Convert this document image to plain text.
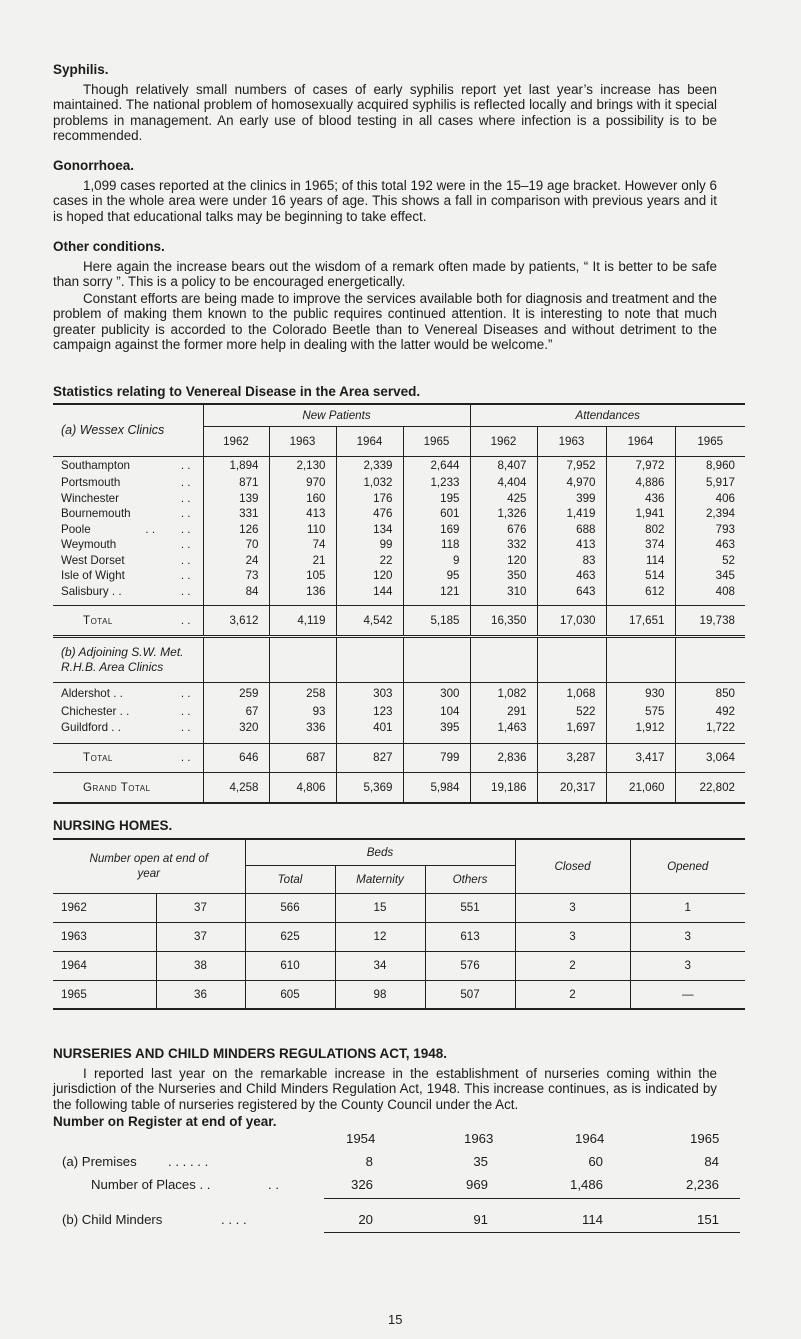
Syphilis.

Though relatively small numbers of cases of early syphilis report yet last year’s increase has been maintained. The national problem of homosexually acquired syphilis is reflected locally and brings with it special problems in management. An early use of blood testing in all cases where infection is a possibility is to be recommended.

Gonorrhoea.

1,099 cases reported at the clinics in 1965; of this total 192 were in the 15–19 age bracket. However only 6 cases in the whole area were under 16 years of age. This shows a fall in comparison with previous years and it is hoped that educational talks may be beginning to take effect.

Other conditions.

Here again the increase bears out the wisdom of a remark often made by patients, “ It is better to be safe than sorry ”. This is a policy to be encouraged energetically.

Constant efforts are being made to improve the services available both for diagnosis and treatment and the problem of making them known to the public requires continued attention. It is interesting to note that much greater publicity is accorded to the Colorado Beetle than to Venereal Diseases and without detriment to the campaign against the former more help in dealing with the latter would be welcome.”

Statistics relating to Venereal Disease in the Area served.
(a) Wessex Clinics	New Patients				Attendances			
	1962	1963	1964	1965	1962	1963	1964	1965
Southampton . .	1,894	2,130	2,339	2,644	8,407	7,952	7,972	8,960
Portsmouth . .	871	970	1,032	1,233	4,404	4,970	4,886	5,917
Winchester . .	139	160	176	195	425	399	436	406
Bournemouth . .	331	413	476	601	1,326	1,419	1,941	2,394
Poole . .        . .	126	110	134	169	676	688	802	793
Weymouth . .	70	74	99	118	332	413	374	463
West Dorset . .	24	21	22	9	120	83	114	52
Isle of Wight . .	73	105	120	95	350	463	514	345
Salisbury . . . .	84	136	144	121	310	643	612	408

Total . .	3,612	4,119	4,542	5,185	16,350	17,030	17,651	19,738
(b) Adjoining S.W. Met. R.H.B. Area Clinics								
Aldershot . . . .	259	258	303	300	1,082	1,068	930	850
Chichester . . . .	67	93	123	104	291	522	575	492
Guildford . . . .	320	336	401	395	1,463	1,697	1,912	1,722

Total . .	646	687	827	799	2,836	3,287	3,417	3,064
Grand Total	4,258	4,806	5,369	5,984	19,186	20,317	21,060	22,802
NURSING HOMES.
Number open at end of year		Beds			Closed	Opened
		Total	Maternity	Others		
1962	37	566	15	551	3	1
1963	37	625	12	613	3	3
1964	38	610	34	576	2	3
1965	36	605	98	507	2	—
NURSERIES AND CHILD MINDERS REGULATIONS ACT, 1948.

I reported last year on the remarkable increase in the establishment of nurseries coming within the jurisdiction of the Nurseries and Child Minders Regulation Act, 1948. This increase continues, as is indicated by the following table of nurseries registered by the County Council under the Act.

Number on Register at end of year.
1954	1963	1964	1965
(a) Premises . . . . . .	8	35	60	84
Number of Places . .	. .	326	969	1,486	2,236
(b) Child Minders	. . . .	20	91	114	151
15
